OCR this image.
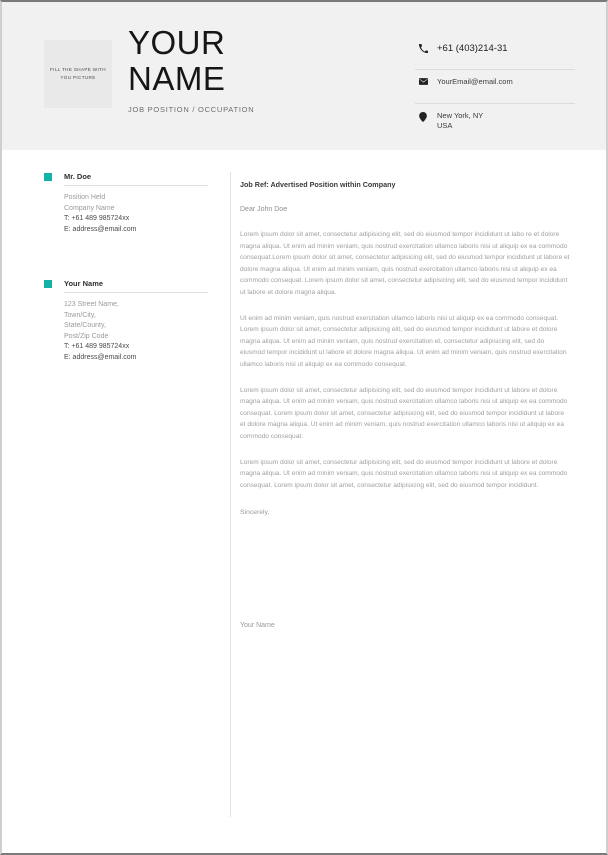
FILL THE SHAPE WITH YOU PICTURE
YOUR
NAME
JOB POSITION / OCCUPATION
+61 (403)214-31
YourEmail@email.com
New York, NY
USA
Mr. Doe
Position Held
Company Name
T: +61 489 985724xx
E: address@email.com
Your Name
123 Street Name,
Town/City,
State/County,
Post/Zip Code
T: +61 489 985724xx
E: address@email.com
Job Ref: Advertised Position within Company
Dear John Doe
Lorem ipsum dolor sit amet, consectetur adipisicing elit, sed do eiusmod tempor incididunt ut labo re et dolore magna aliqua. Ut enim ad minim veniam, quis nostrud exercitation ullamco laboris nisi ut aliquip ex ea commodo consequat.Lorem ipsum dolor sit amet, consectetur adipisicing elit, sed do eiusmod tempor incididunt ut labore et dolore magna aliqua. Ut enim ad minim veniam, quis nostrud exercitation ullamco laboris nisi ut aliquip ex ea commodo consequat. Lorem ipsum dolor sit amet, consectetur adipisicing elit, sed do eiusmod tempor incididunt ut labore et dolore magna aliqua.
Ut enim ad minim veniam, quis nostrud exercitation ullamco laboris nisi ut aliquip ex ea commodo consequat. Lorem ipsum dolor sit amet, consectetur adipisicing elit, sed do eiusmod tempor incididunt ut labore et dolore magna aliqua. Ut enim ad minim veniam, quis nostrud exercitation et, consectetur adipisicing elit, sed do eiusmod tempor incididunt ut labore et dolore magna aliqua. Ut enim ad minim veniam, quis nostrud exercitation ullamco laboris nisi ut aliquip ex ea commodo consequat.
Lorem ipsum dolor sit amet, consectetur adipisicing elit, sed do eiusmod tempor incididunt ut labore et dolore magna aliqua. Ut enim ad minim veniam, quis nostrud exercitation ullamco laboris nisi ut aliquip ex ea commodo consequat. Lorem ipsum dolor sit amet, consectetur adipisicing elit, sed do eiusmod tempor incididunt ut labore et dolore magna aliqua. Ut enim ad minim veniam, quis nostrud exercitation ullamco laboris nisi ut aliquip ex ea commodo consequat.
Lorem ipsum dolor sit amet, consectetur adipisicing elit, sed do eiusmod tempor incididunt ut labore et dolore magna aliqua. Ut enim ad minim veniam, quis nostrud exercitation ullamco laboris nisi ut aliquip ex ea commodo consequat. Lorem ipsum dolor sit amet, consectetur adipisicing elit, sed do eiusmod tempor incididunt.
Sincerely,
Your Name
